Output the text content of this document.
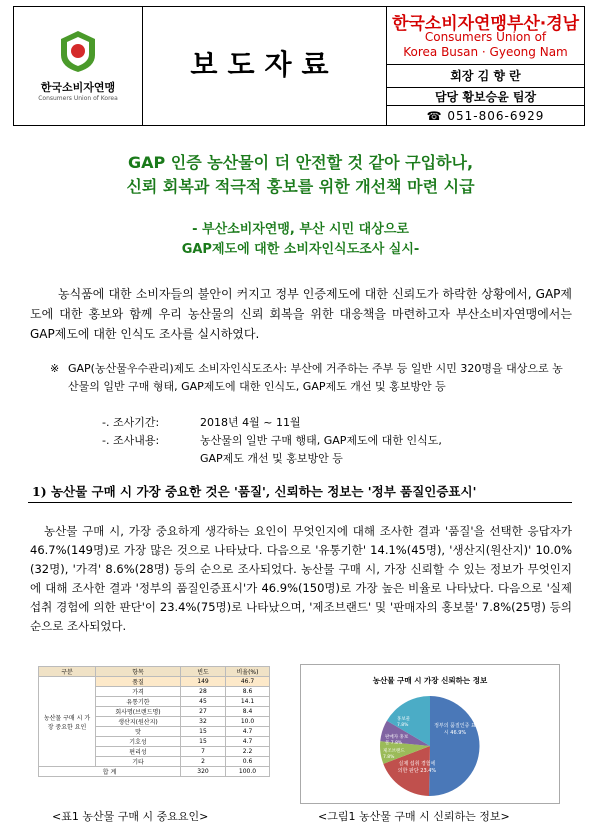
한국소비자연맹
Consumers Union of Korea
보도자료
한국소비자연맹부산·경남
Consumers Union of
Korea Busan · Gyeong Nam
회장 김 향 란
담당 황보승윤 팀장
☎ 051-806-6929
GAP 인증 농산물이 더 안전할 것 같아 구입하나,
신뢰 회복과 적극적 홍보를 위한 개선책 마련 시급
- 부산소비자연맹, 부산 시민 대상으로
GAP제도에 대한 소비자인식도조사 실시-
농식품에 대한 소비자들의 불안이 커지고 정부 인증제도에 대한 신뢰도가 하락한 상황에서, GAP제도에 대한 홍보와 함께 우리 농산물의 신뢰 회복을 위한 대응책을 마련하고자 부산소비자연맹에서는 GAP제도에 대한 인식도 조사를 실시하였다.
※ GAP(농산물우수관리)제도 소비자인식도조사: 부산에 거주하는 주부 등 일반 시민 320명을 대상으로 농산물의 일반 구매 형태, GAP제도에 대한 인식도, GAP제도 개선 및 홍보방안 등
-. 조사기간:	2018년 4월 ~ 11월
-. 조사내용:	농산물의 일반 구매 행태, GAP제도에 대한 인식도,
GAP제도 개선 및 홍보방안 등
1) 농산물 구매 시 가장 중요한 것은 '품질', 신뢰하는 정보는 '정부 품질인증표시'
농산물 구매 시, 가장 중요하게 생각하는 요인이 무엇인지에 대해 조사한 결과 '품질'을 선택한 응답자가 46.7%(149명)로 가장 많은 것으로 나타났다. 다음으로 '유통기한' 14.1%(45명), '생산지(원산지)' 10.0%(32명), '가격' 8.6%(28명) 등의 순으로 조사되었다. 농산물 구매 시, 가장 신뢰할 수 있는 정보가 무엇인지에 대해 조사한 결과 '정부의 품질인증표시'가 46.9%(150명)로 가장 높은 비율로 나타났다. 다음으로 '실제 섭취 경험에 의한 판단'이 23.4%(75명)로 나타났으며, '제조브랜드' 및 '판매자의 홍보물' 7.8%(25명) 등의 순으로 조사되었다.
구분	항목	빈도	비율(%)
농산물 구매 시 가장 중요한 요인	품질	149	46.7
	가격	28	8.6
	유통기한	45	14.1
	회사명(브랜드명)	27	8.4
	생산지(원산지)	32	10.0
	맛	15	4.7
	기호성	15	4.7
	편리성	7	2.2
	기타	2	0.6
합 계		320	100.0
<표1 농산물 구매 시 중요요인>
농산물 구매 시 가장 신뢰하는 정보
정부의 품질인증 표시 46.9%
실제 섭취 경험에 의한 판단 23.4%
제조브랜드 7.8%
판매자 홍보물 7.8%
홍보물 7.8%
<그림1 농산물 구매 시 신뢰하는 정보>
